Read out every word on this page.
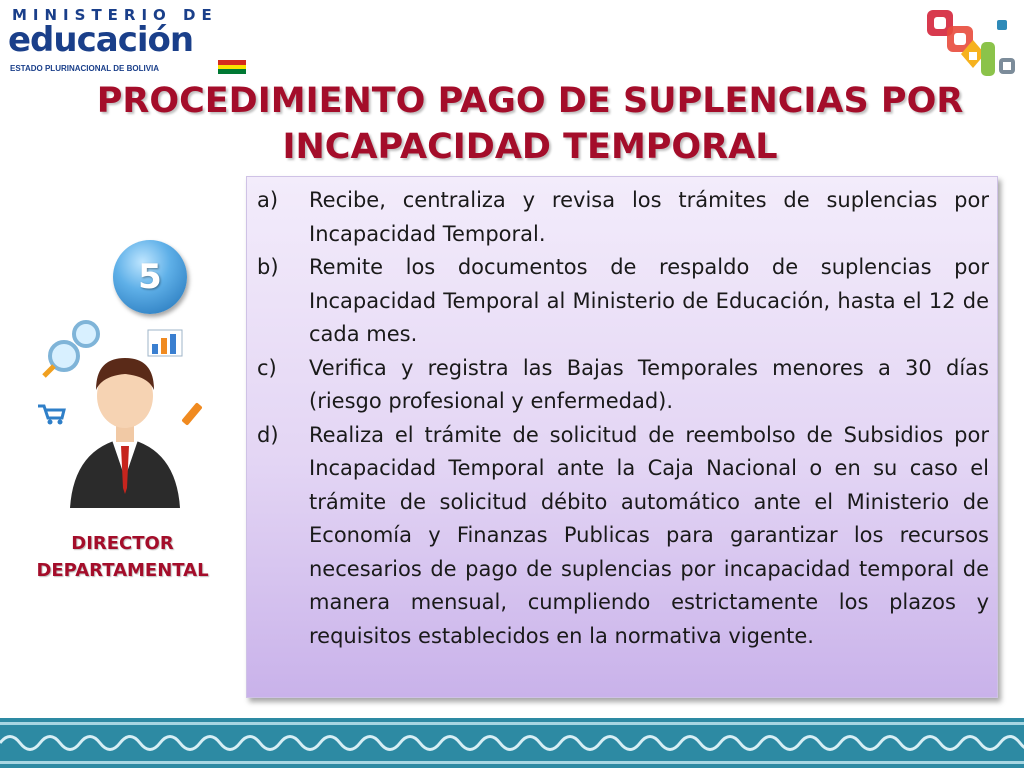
MINISTERIO DE
educación
ESTADO PLURINACIONAL DE BOLIVIA
PROCEDIMIENTO PAGO DE SUPLENCIAS POR
INCAPACIDAD TEMPORAL
5
DIRECTOR
DEPARTAMENTAL
a) Recibe, centraliza y revisa los trámites de suplencias por Incapacidad Temporal.
b) Remite los documentos de respaldo de suplencias por Incapacidad Temporal al Ministerio de Educación, hasta el 12 de cada mes.
c) Verifica y registra las Bajas Temporales menores a 30 días (riesgo profesional y enfermedad).
d) Realiza el trámite de solicitud de reembolso de Subsidios por Incapacidad Temporal ante la Caja Nacional o en su caso el trámite de solicitud débito automático ante el Ministerio de Economía y Finanzas Publicas para garantizar los recursos necesarios de pago de suplencias por incapacidad temporal de manera mensual, cumpliendo estrictamente los plazos y requisitos establecidos en la normativa vigente.
